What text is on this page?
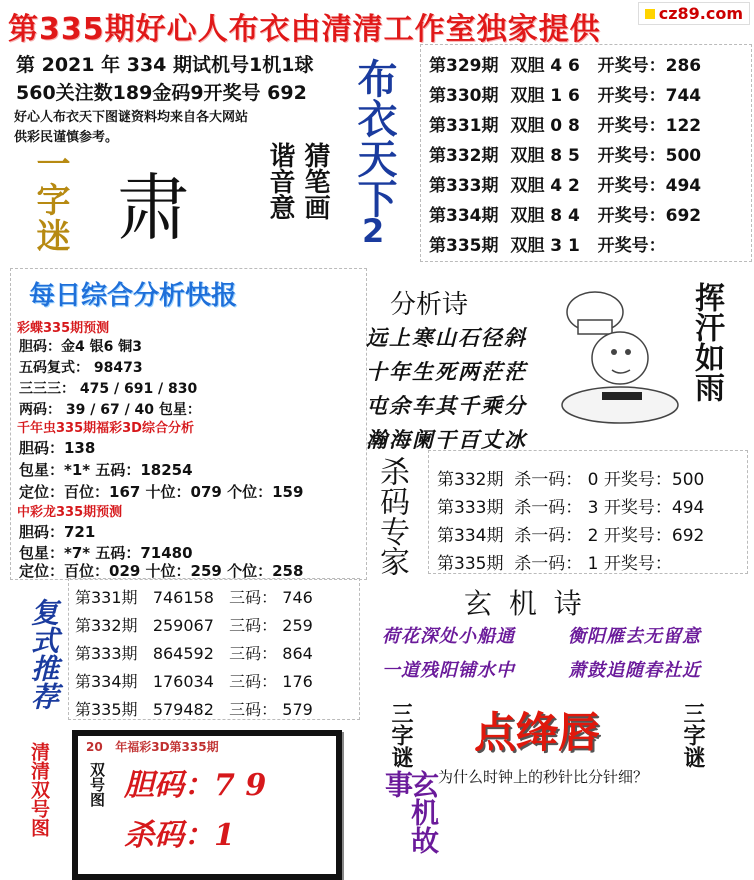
第335期好心人布衣由清清工作室独家提供	cz89.com
第 2021 年 334 期试机号1机1球
560关注数189金码9开奖号 692
好心人布衣天下图谜资料均来自各大网站
供彩民谨慎参考。
一字迷 肃	谐音意 猜笔画 布衣天下
2
第329期 双胆 4 6 开奖号：286
第330期 双胆 1 6 开奖号：744
第331期 双胆 0 8 开奖号：122
第332期 双胆 8 5 开奖号：500
第333期 双胆 4 2 开奖号：494
第334期 双胆 8 4 开奖号：692
第335期 双胆 3 1 开奖号：
每日综合分析快报
彩蝶335期预测
胆码：金4 银6 铜3
五码复式： 98473
三三三： 475 / 691 / 830
两码： 39 / 67 / 40 包星：
千年虫335期福彩3D综合分析
胆码：138
包星：*1* 五码：18254
定位：百位：167 十位：079 个位：159
中彩龙335期预测
胆码：721
包星：*7* 五码：71480
定位：百位：029 十位：259 个位：258
分析诗
远上寒山石径斜
十年生死两茫茫
屯余车其千乘分
瀚海阑干百丈冰
挥汗如雨
杀码专家 第332期 杀一码： 0 开奖号：500
第333期 杀一码： 3 开奖号：494
第334期 杀一码： 2 开奖号：692
第335期 杀一码： 1 开奖号：
玄 机 诗
荷花深处小船通	衡阳雁去无留意
一道残阳铺水中	萧鼓追随春社近
复式推荐
第331期 746158 三码： 746
第332期 259067 三码： 259
第333期 864592 三码： 864
第334期 176034 三码： 176
第335期 579482 三码： 579
清清双号图	20 年福彩3D第335期
双号图 胆码：7 9
杀码：1
三字谜	三字谜
玄机故事
点绛唇
为什么时钟上的秒针比分针细？
